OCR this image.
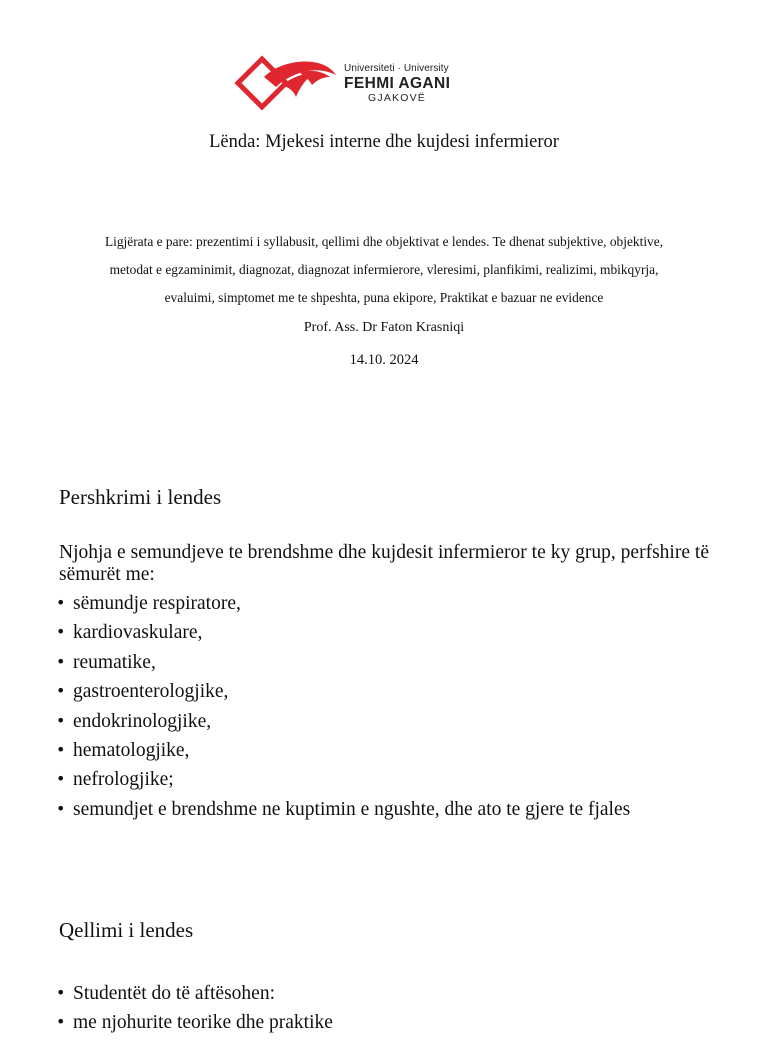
Universiteti · University
FEHMI AGANI
GJAKOVË
Lënda: Mjekesi interne dhe kujdesi infermieror
Ligjërata e pare: prezentimi i syllabusit, qellimi dhe objektivat e lendes. Te dhenat subjektive, objektive, metodat e egzaminimit, diagnozat, diagnozat infermierore, vleresimi, planfikimi, realizimi, mbikqyrja, evaluimi, simptomet me te shpeshta, puna ekipore, Praktikat e bazuar ne evidence
Prof. Ass. Dr Faton Krasniqi
14.10. 2024
Pershkrimi i lendes
Njohja e semundjeve te brendshme dhe kujdesit infermieror te ky grup, perfshire të sëmurët me:
• sëmundje respiratore,
• kardiovaskulare,
• reumatike,
• gastroenterologjike,
• endokrinologjike,
• hematologjike,
• nefrologjike;
• semundjet e brendshme ne kuptimin e ngushte, dhe ato te gjere te fjales
Qellimi i lendes
• Studentët do të aftësohen:
• me njohurite teorike dhe praktike
